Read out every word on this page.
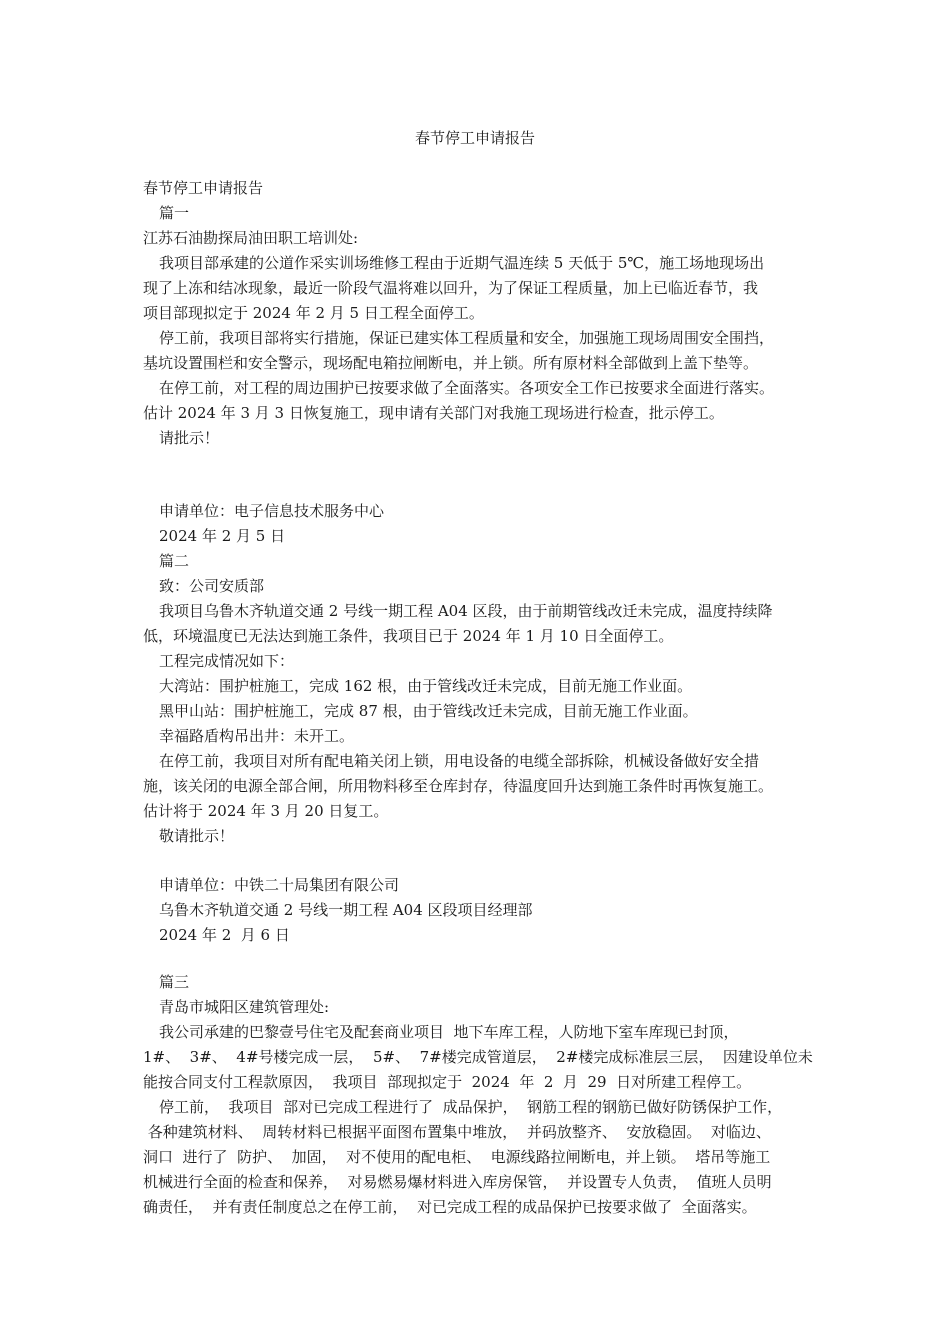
春节停工申请报告
春节停工申请报告
篇一
江苏石油勘探局油田职工培训处:
我项目部承建的公道作采实训场维修工程由于近期气温连续 5 天低于 5℃，施工场地现场出
现了上冻和结冰现象，最近一阶段气温将难以回升，为了保证工程质量，加上已临近春节，我
项目部现拟定于 2024 年 2 月 5 日工程全面停工。
停工前，我项目部将实行措施，保证已建实体工程质量和安全，加强施工现场周围安全围挡，
基坑设置围栏和安全警示，现场配电箱拉闸断电，并上锁。所有原材料全部做到上盖下垫等。
在停工前，对工程的周边围护已按要求做了全面落实。各项安全工作已按要求全面进行落实。
估计 2024 年 3 月 3 日恢复施工，现申请有关部门对我施工现场进行检查，批示停工。
请批示！
申请单位：电子信息技术服务中心
2024 年 2 月 5 日
篇二
致：公司安质部
我项目乌鲁木齐轨道交通 2 号线一期工程 A04 区段，由于前期管线改迁未完成，温度持续降
低，环境温度已无法达到施工条件，我项目已于 2024 年 1 月 10 日全面停工。
工程完成情况如下：
大湾站：围护桩施工，完成 162 根，由于管线改迁未完成，目前无施工作业面。
黑甲山站：围护桩施工，完成 87 根，由于管线改迁未完成，目前无施工作业面。
幸福路盾构吊出井：未开工。
在停工前，我项目对所有配电箱关闭上锁，用电设备的电缆全部拆除，机械设备做好安全措
施，该关闭的电源全部合闸，所用物料移至仓库封存，待温度回升达到施工条件时再恢复施工。
估计将于 2024 年 3 月 20 日复工。
敬请批示！
申请单位：中铁二十局集团有限公司
乌鲁木齐轨道交通 2 号线一期工程 A04 区段项目经理部
2024 年 2  月 6 日
篇三
青岛市城阳区建筑管理处:
我公司承建的巴黎壹号住宅及配套商业项目  地下车库工程，人防地下室车库现已封顶，
1#、  3#、  4#号楼完成一层，  5#、  7#楼完成管道层，  2#楼完成标准层三层，  因建设单位未
能按合同支付工程款原因，  我项目  部现拟定于  2024  年  2  月  29  日对所建工程停工。
停工前，  我项目  部对已完成工程进行了  成品保护，  钢筋工程的钢筋已做好防锈保护工作，
各种建筑材料、  周转材料已根据平面图布置集中堆放，  并码放整齐、  安放稳固。  对临边、
洞口  进行了  防护、  加固，  对不使用的配电柜、  电源线路拉闸断电，并上锁。  塔吊等施工
机械进行全面的检查和保养，  对易燃易爆材料进入库房保管，  并设置专人负责，  值班人员明
确责任，  并有责任制度总之在停工前，  对已完成工程的成品保护已按要求做了  全面落实。
